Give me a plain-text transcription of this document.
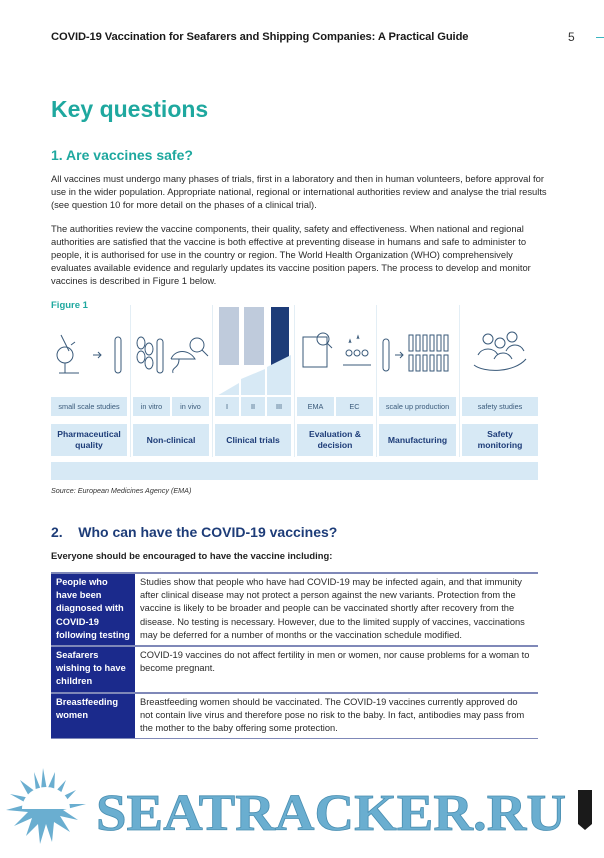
COVID-19 Vaccination for Seafarers and Shipping Companies: A Practical Guide	5
Key questions
1. Are vaccines safe?

All vaccines must undergo many phases of trials, first in a laboratory and then in human volunteers, before approval for use in the wider population. Appropriate national, regional or international authorities review and analyse the trial results (see question 10 for more detail on the phases of a clinical trial).

The authorities review the vaccine components, their quality, safety and effectiveness. When national and regional authorities are satisfied that the vaccine is both effective at preventing disease in humans and safe to administer to people, it is authorised for use in the country or region. The World Health Organization (WHO) comprehensively evaluates available evidence and regularly updates its vaccine position papers. The process to develop and monitor vaccines is described in Figure 1 below.

Figure 1
small scale studies	in vitro	in vivo	I	II	III	EMA	EC	scale up production	safety studies
Pharmaceutical quality
Non-clinical	Clinical trials
Evaluation & decision
Manufacturing
Safety monitoring
Source: European Medicines Agency (EMA)
2. Who can have the COVID-19 vaccines?
Everyone should be encouraged to have the vaccine including:
People who have been diagnosed with COVID-19 following testing	Studies show that people who have had COVID-19 may be infected again, and that immunity after clinical disease may not protect a person against the new variants. Protection from the vaccine is likely to be broader and people can be vaccinated shortly after recovery from the disease. No testing is necessary. However, due to the limited supply of vaccines, vaccinations may be deferred for a number of months or the vaccination schedule modified.
Seafarers wishing to have children	COVID-19 vaccines do not affect fertility in men or women, nor cause problems for a woman to become pregnant.
Breastfeeding women	Breastfeeding women should be vaccinated. The COVID-19 vaccines currently approved do not contain live virus and therefore pose no risk to the baby. In fact, antibodies may pass from the mother to the baby offering some protection.
SEATRACKER.RU
